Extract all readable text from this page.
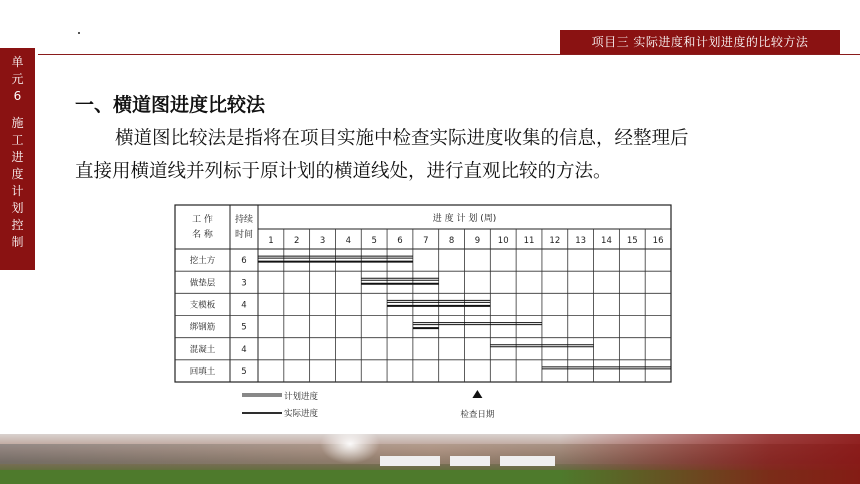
项目三 实际进度和计划进度的比较方法
单
元
6
施
工
进
度
计
划
控
制
一、横道图进度比较法
横道图比较法是指将在项目实施中检查实际进度收集的信息，经整理后
直接用横道线并列标于原计划的横道线处，进行直观比较的方法。
工 作
名 称
持续
时间
进 度 计 划 (周)
1 2 3 4 5 6 7 8 9 10 11 12 13 14 15 16
挖土方	6
做垫层	3
支模板	4
绑钢筋	5
混凝土	4
回填土	5
计划进度
实际进度	检查日期
